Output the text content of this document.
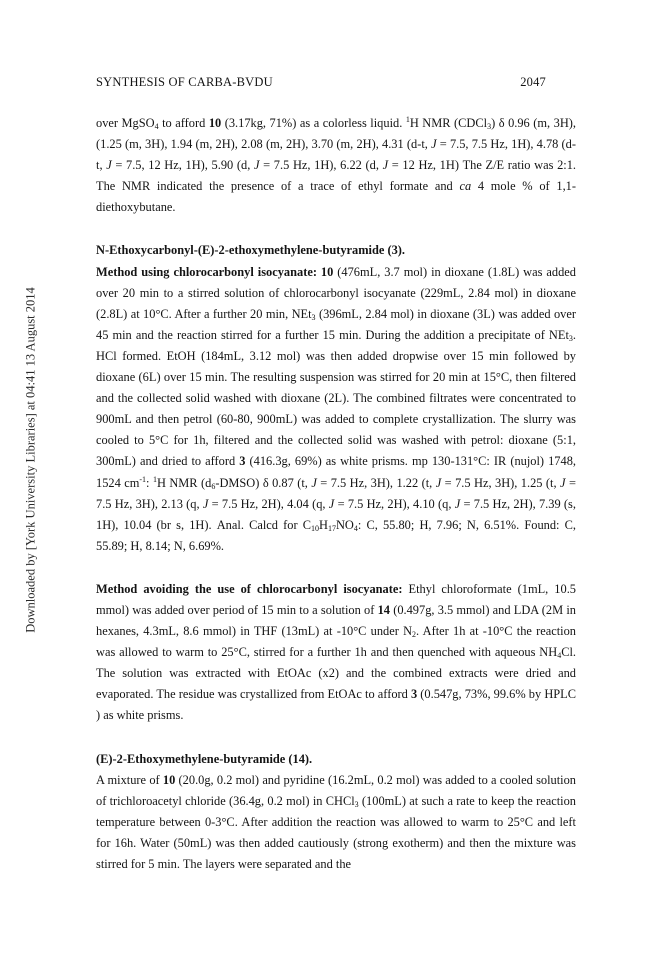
SYNTHESIS OF CARBA-BVDU	2047
Downloaded by [York University Libraries] at 04:41 13 August 2014

over MgSO$_4$ to afford 10 (3.17kg, 71%) as a colorless liquid. $^1$H NMR (CDCl$_3$) δ 0.96 (m, 3H), (1.25 (m, 3H), 1.94 (m, 2H), 2.08 (m, 2H), 3.70 (m, 2H), 4.31 (d-t, J = 7.5, 7.5 Hz, 1H), 4.78 (d-t, J = 7.5, 12 Hz, 1H), 5.90 (d, J = 7.5 Hz, 1H), 6.22 (d, J = 12 Hz, 1H) The Z/E ratio was 2:1. The NMR indicated the presence of a trace of ethyl formate and ca 4 mole % of 1,1-diethoxybutane.

N-Ethoxycarbonyl-(E)-2-ethoxymethylene-butyramide (3).

Method using chlorocarbonyl isocyanate: 10 (476mL, 3.7 mol) in dioxane (1.8L) was added over 20 min to a stirred solution of chlorocarbonyl isocyanate (229mL, 2.84 mol) in dioxane (2.8L) at 10°C. After a further 20 min, NEt$_3$ (396mL, 2.84 mol) in dioxane (3L) was added over 45 min and the reaction stirred for a further 15 min. During the addition a precipitate of NEt$_3$. HCl formed. EtOH (184mL, 3.12 mol) was then added dropwise over 15 min followed by dioxane (6L) over 15 min. The resulting suspension was stirred for 20 min at 15°C, then filtered and the collected solid washed with dioxane (2L). The combined filtrates were concentrated to 900mL and then petrol (60-80, 900mL) was added to complete crystallization. The slurry was cooled to 5°C for 1h, filtered and the collected solid was washed with petrol: dioxane (5:1, 300mL) and dried to afford 3 (416.3g, 69%) as white prisms. mp 130-131°C: IR (nujol) 1748, 1524 $cm^{-1}$: $^1$H NMR $(d_6-DMSO)$ δ 0.87 (t, J = 7.5 Hz, 3H), 1.22 (t, J = 7.5 Hz, 3H), 1.25 (t, J = 7.5 Hz, 3H), 2.13 (q, J = 7.5 Hz, 2H), 4.04 (q, J = 7.5 Hz, 2H), 4.10 (q, J = 7.5 Hz, 2H), 7.39 (s, 1H), 10.04 (br s, 1H). Anal. Calcd for $C_{10}H_{17}NO_4$: C, 55.80; H, 7.96; N, 6.51%. Found: C, 55.89; H, 8.14; N, 6.69%.

Method avoiding the use of chlorocarbonyl isocyanate: Ethyl chloroformate (1mL, 10.5 mmol) was added over period of 15 min to a solution of 14 (0.497g, 3.5 mmol) and LDA (2M in hexanes, 4.3mL, 8.6 mmol) in THF (13mL) at -10°C under $N_2$. After 1h at -10°C the reaction was allowed to warm to 25°C, stirred for a further 1h and then quenched with aqueous $NH_4Cl$. The solution was extracted with EtOAc (x2) and the combined extracts were dried and evaporated. The residue was crystallized from EtOAc to afford 3 (0.547g, 73%, 99.6% by HPLC ) as white prisms.

(E)-2-Ethoxymethylene-butyramide (14).

A mixture of 10 (20.0g, 0.2 mol) and pyridine (16.2mL, 0.2 mol) was added to a cooled solution of trichloroacetyl chloride (36.4g, 0.2 mol) in CHCl$_3$ (100mL) at such a rate to keep the reaction temperature between 0-3°C. After addition the reaction was allowed to warm to 25°C and left for 16h. Water (50mL) was then added cautiously (strong exotherm) and then the mixture was stirred for 5 min. The layers were separated and the
